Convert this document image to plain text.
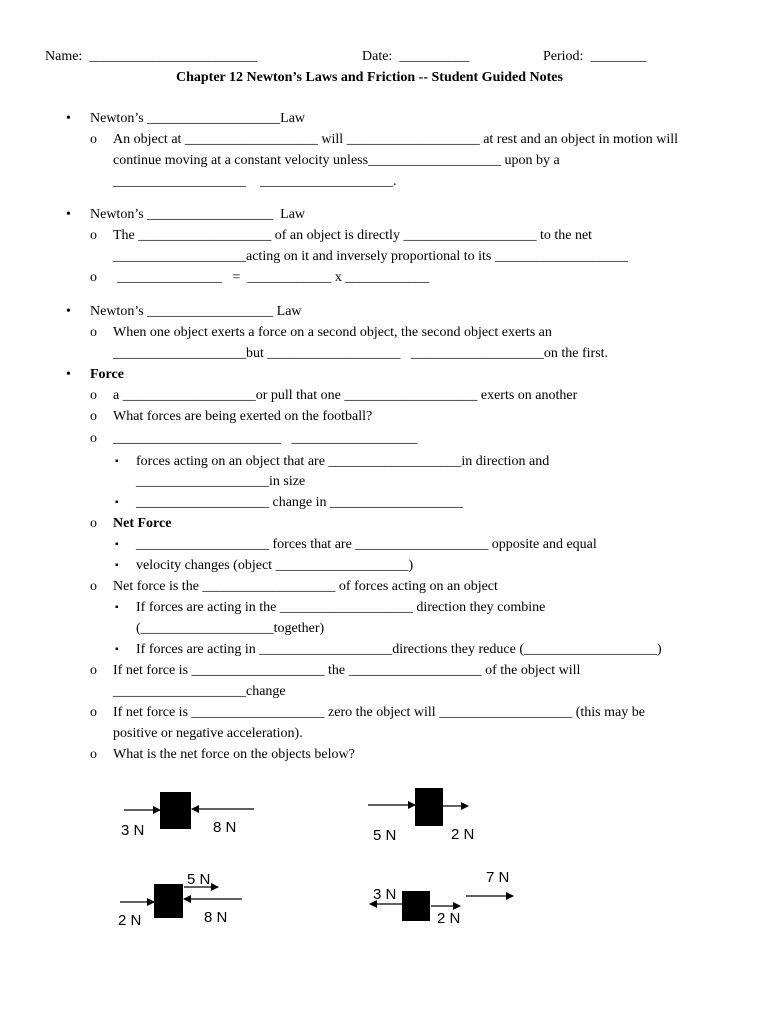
Name:  ________________________	Date:  __________	Period:  ________
Chapter 12 Newton’s Laws and Friction -- Student Guided Notes
• Newton’s ___________________Law
o An object at ___________________ will ___________________ at rest and an object in motion will
continue moving at a constant velocity unless___________________ upon by a
___________________    ___________________.
• Newton’s __________________  Law
o The ___________________ of an object is directly ___________________ to the net
___________________acting on it and inversely proportional to its ___________________
o _______________   =  ____________ x ____________
• Newton’s __________________ Law
o When one object exerts a force on a second object, the second object exerts an
___________________but ___________________   ___________________on the first.
• Force
o a ___________________or pull that one ___________________ exerts on another
o What forces are being exerted on the football?
o ________________________   __________________
▪ forces acting on an object that are ___________________in direction and
___________________in size
▪ ___________________ change in ___________________
o Net Force
▪ ___________________ forces that are ___________________ opposite and equal
▪ velocity changes (object ___________________)
o Net force is the ___________________ of forces acting on an object
▪ If forces are acting in the ___________________ direction they combine
(___________________together)
▪ If forces are acting in ___________________directions they reduce (___________________)
o If net force is ___________________ the ___________________ of the object will
___________________change
o If net force is ___________________ zero the object will ___________________ (this may be
positive or negative acceleration).
o What is the net force on the objects below?
3 N	8 N	5 N	2 N
5 N
2 N	8 N
3 N
2 N
7 N
